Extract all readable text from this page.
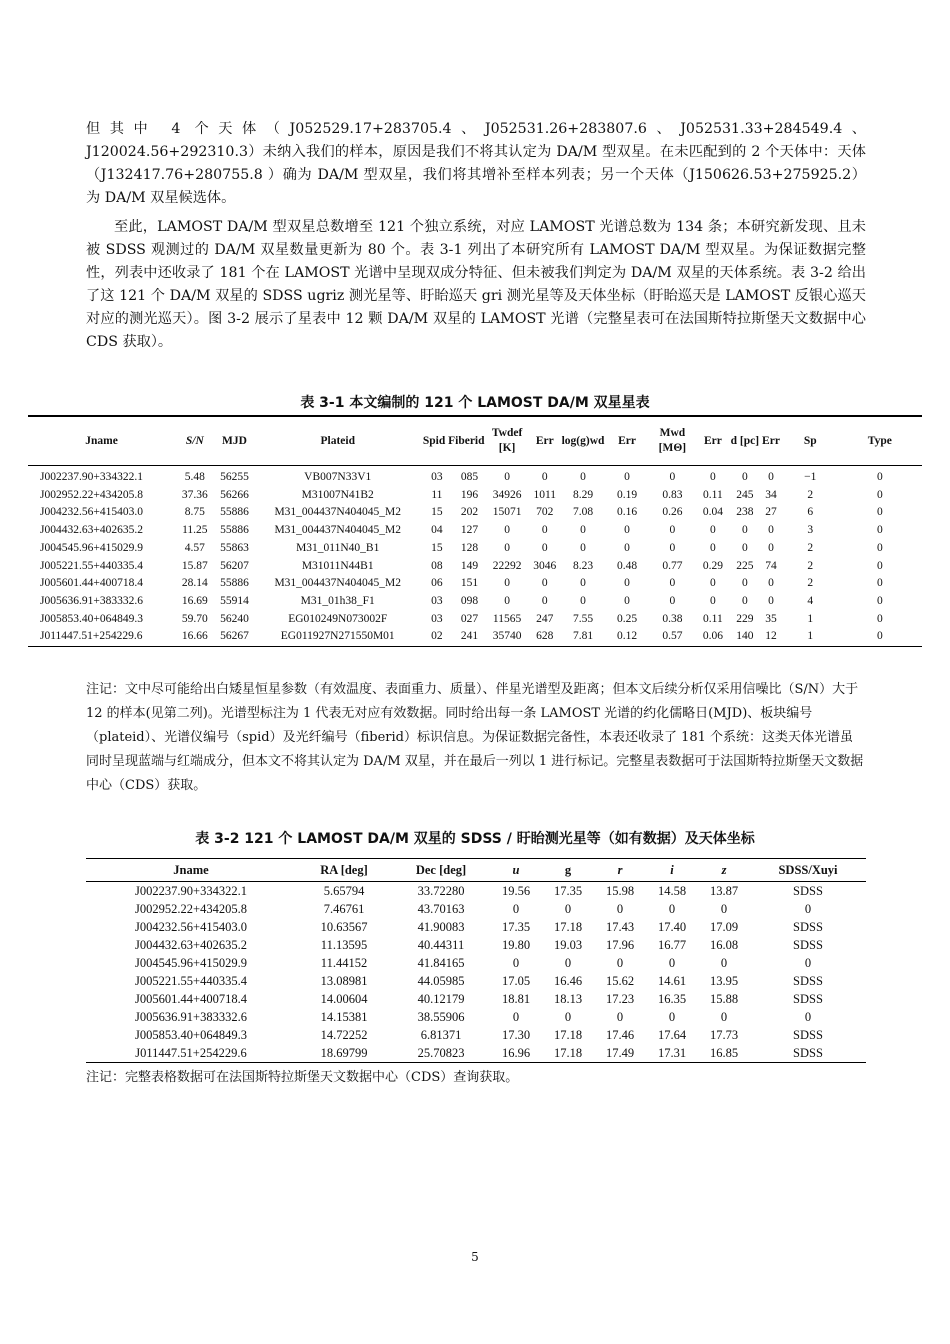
但其中 4 个天体（J052529.17+283705.4、J052531.26+283807.6、J052531.33+284549.4、J120024.56+292310.3）未纳入我们的样本，原因是我们不将其认定为 DA/M 型双星。在未匹配到的 2 个天体中：天体 （J132417.76+280755.8 ）确为 DA/M 型双星，我们将其增补至样本列表；另一个天体（J150626.53+275925.2） 为 DA/M 双星候选体。
至此，LAMOST DA/M 型双星总数增至 121 个独立系统，对应 LAMOST 光谱总数为 134 条；本研究新发现、且未被 SDSS 观测过的 DA/M 双星数量更新为 80 个。表 3-1 列出了本研究所有 LAMOST DA/M 型双星。为保证数据完整性，列表中还收录了 181 个在 LAMOST 光谱中呈现双成分特征、但未被我们判定为 DA/M 双星的天体系统。表 3-2 给出了这 121 个 DA/M 双星的 SDSS ugriz 测光星等、盱眙巡天 gri 测光星等及天体坐标（盱眙巡天是 LAMOST 反银心巡天对应的测光巡天）。图 3-2 展示了星表中 12 颗 DA/M 双星的 LAMOST 光谱（完整星表可在法国斯特拉斯堡天文数据中心 CDS 获取）。
表 3-1 本文编制的 121 个 LAMOST DA/M 双星星表
Jname	S/N	MJD	Plateid	Spid Fiberid		Twdef [K]	Err	log(g)wd	Err	Mwd [MΘ]	Err	d [pc]	Err	Sp	Type
J002237.90+334322.1	5.48	56255	VB007N33V1	03	085	0	0	0	0	0	0	0	0	−1	0
J002952.22+434205.8	37.36	56266	M31007N41B2	11	196	34926	1011	8.29	0.19	0.83	0.11	245	34	2	0
J004232.56+415403.0	8.75	55886	M31_004437N404045_M2	15	202	15071	702	7.08	0.16	0.26	0.04	238	27	6	0
J004432.63+402635.2	11.25	55886	M31_004437N404045_M2	04	127	0	0	0	0	0	0	0	0	3	0
J004545.96+415029.9	4.57	55863	M31_011N40_B1	15	128	0	0	0	0	0	0	0	0	2	0
J005221.55+440335.4	15.87	56207	M31011N44B1	08	149	22292	3046	8.23	0.48	0.77	0.29	225	74	2	0
J005601.44+400718.4	28.14	55886	M31_004437N404045_M2	06	151	0	0	0	0	0	0	0	0	2	0
J005636.91+383332.6	16.69	55914	M31_01h38_F1	03	098	0	0	0	0	0	0	0	0	4	0
J005853.40+064849.3	59.70	56240	EG010249N073002F	03	027	11565	247	7.55	0.25	0.38	0.11	229	35	1	0
J011447.51+254229.6	16.66	56267	EG011927N271550M01	02	241	35740	628	7.81	0.12	0.57	0.06	140	12	1	0
注记：文中尽可能给出白矮星恒星参数（有效温度、表面重力、质量）、伴星光谱型及距离；但本文后续分析仅采用信噪比（S/N）大于 12 的样本(见第二列)。光谱型标注为 1 代表无对应有效数据。同时给出每一条 LAMOST 光谱的约化儒略日(MJD)、板块编号（plateid）、光谱仪编号（spid）及光纤编号（fiberid）标识信息。为保证数据完备性，本表还收录了 181 个系统：这类天体光谱虽同时呈现蓝端与红端成分，但本文不将其认定为 DA/M 双星，并在最后一列以 1 进行标记。完整星表数据可于法国斯特拉斯堡天文数据中心（CDS）获取。
表 3-2 121 个 LAMOST DA/M 双星的 SDSS / 盱眙测光星等（如有数据）及天体坐标
Jname	RA [deg]	Dec [deg]	u	g	r	i	z	SDSS/Xuyi
J002237.90+334322.1	5.65794	33.72280	19.56	17.35	15.98	14.58	13.87	SDSS
J002952.22+434205.8	7.46761	43.70163	0	0	0	0	0	0
J004232.56+415403.0	10.63567	41.90083	17.35	17.18	17.43	17.40	17.09	SDSS
J004432.63+402635.2	11.13595	40.44311	19.80	19.03	17.96	16.77	16.08	SDSS
J004545.96+415029.9	11.44152	41.84165	0	0	0	0	0	0
J005221.55+440335.4	13.08981	44.05985	17.05	16.46	15.62	14.61	13.95	SDSS
J005601.44+400718.4	14.00604	40.12179	18.81	18.13	17.23	16.35	15.88	SDSS
J005636.91+383332.6	14.15381	38.55906	0	0	0	0	0	0
J005853.40+064849.3	14.72252	6.81371	17.30	17.18	17.46	17.64	17.73	SDSS
J011447.51+254229.6	18.69799	25.70823	16.96	17.18	17.49	17.31	16.85	SDSS
注记：完整表格数据可在法国斯特拉斯堡天文数据中心（CDS）查询获取。
5
